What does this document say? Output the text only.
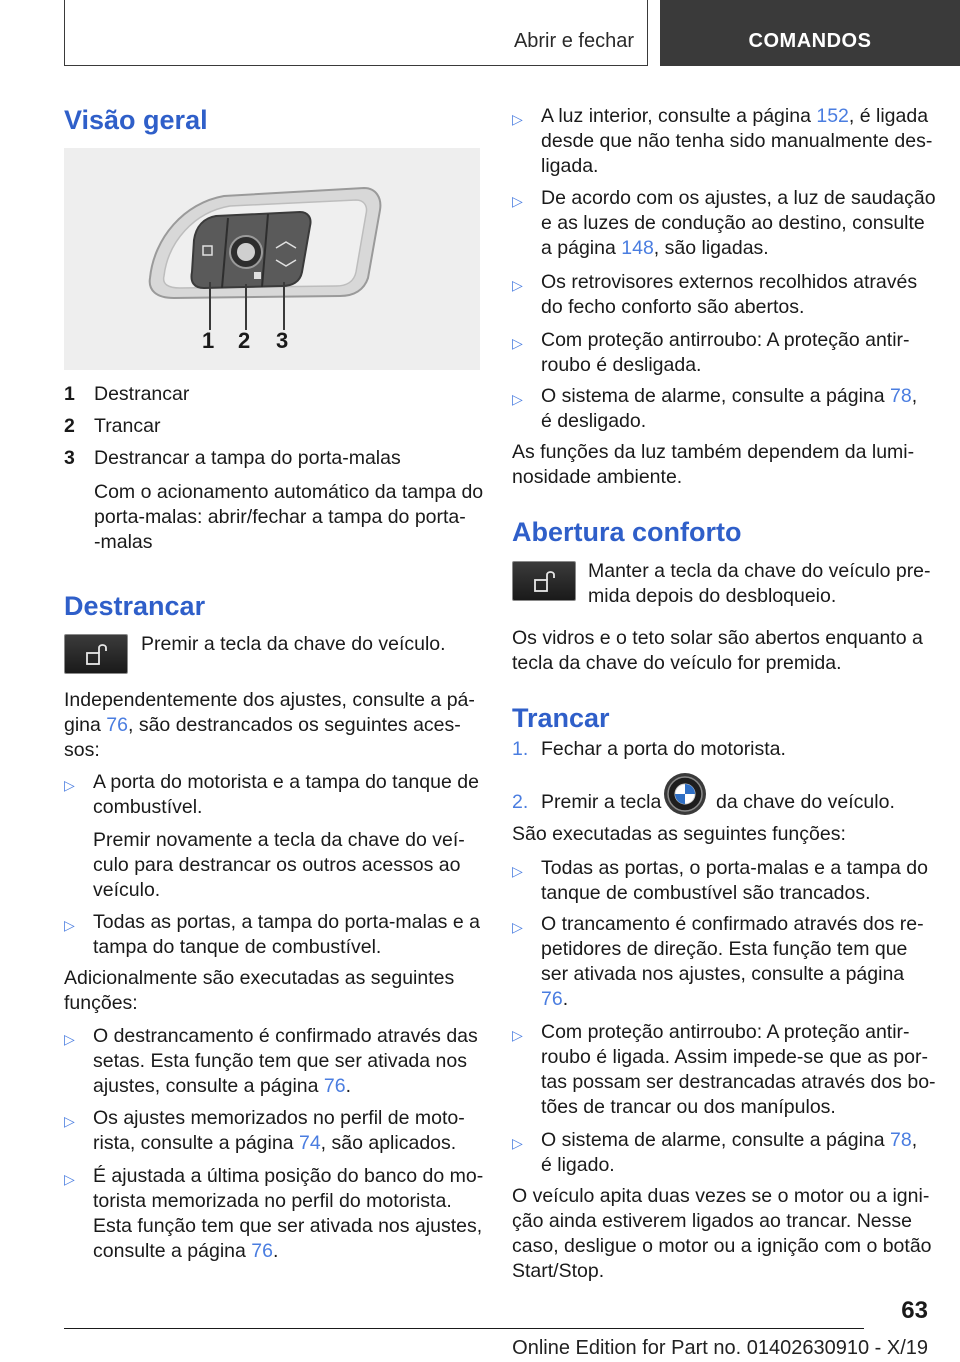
Abrir e fechar	COMANDOS
Visão geral
1 2 3
1 Destrancar
2 Trancar
3 Destrancar a tampa do porta-malas
Com o acionamento automático da tampa do
porta-malas: abrir/fechar a tampa do porta-
-malas
Destrancar
Premir a tecla da chave do veículo.
Independentemente dos ajustes, consulte a pá-
gina 76, são destrancados os seguintes aces-
sos:
▷ A porta do motorista e a tampa do tanque de
combustível.
Premir novamente a tecla da chave do veí-
culo para destrancar os outros acessos ao
veículo.
▷ Todas as portas, a tampa do porta-malas e a
tampa do tanque de combustível.
Adicionalmente são executadas as seguintes
funções:
▷ O destrancamento é confirmado através das
setas. Esta função tem que ser ativada nos
ajustes, consulte a página 76.
▷ Os ajustes memorizados no perfil de moto-
rista, consulte a página 74, são aplicados.
▷ É ajustada a última posição do banco do mo-
torista memorizada no perfil do motorista.
Esta função tem que ser ativada nos ajustes,
consulte a página 76.
▷ A luz interior, consulte a página 152, é ligada
desde que não tenha sido manualmente des-
ligada.
▷ De acordo com os ajustes, a luz de saudação
e as luzes de condução ao destino, consulte
a página 148, são ligadas.
▷ Os retrovisores externos recolhidos através
do fecho conforto são abertos.
▷ Com proteção antirroubo: A proteção antir-
roubo é desligada.
▷ O sistema de alarme, consulte a página 78,
é desligado.
As funções da luz também dependem da lumi-
nosidade ambiente.
Abertura conforto
Manter a tecla da chave do veículo pre-
mida depois do desbloqueio.
Os vidros e o teto solar são abertos enquanto a
tecla da chave do veículo for premida.
Trancar
1. Fechar a porta do motorista.
2. Premir a tecla	da chave do veículo.
São executadas as seguintes funções:
▷ Todas as portas, o porta-malas e a tampa do
tanque de combustível são trancados.
▷ O trancamento é confirmado através dos re-
petidores de direção. Esta função tem que
ser ativada nos ajustes, consulte a página
76.
▷ Com proteção antirroubo: A proteção antir-
roubo é ligada. Assim impede-se que as por-
tas possam ser destrancadas através dos bo-
tões de trancar ou dos manípulos.
▷ O sistema de alarme, consulte a página 78,
é ligado.
O veículo apita duas vezes se o motor ou a igni-
ção ainda estiverem ligados ao trancar. Nesse
caso, desligue o motor ou a ignição com o botão
Start/Stop.
63
Online Edition for Part no. 01402630910 - X/19
